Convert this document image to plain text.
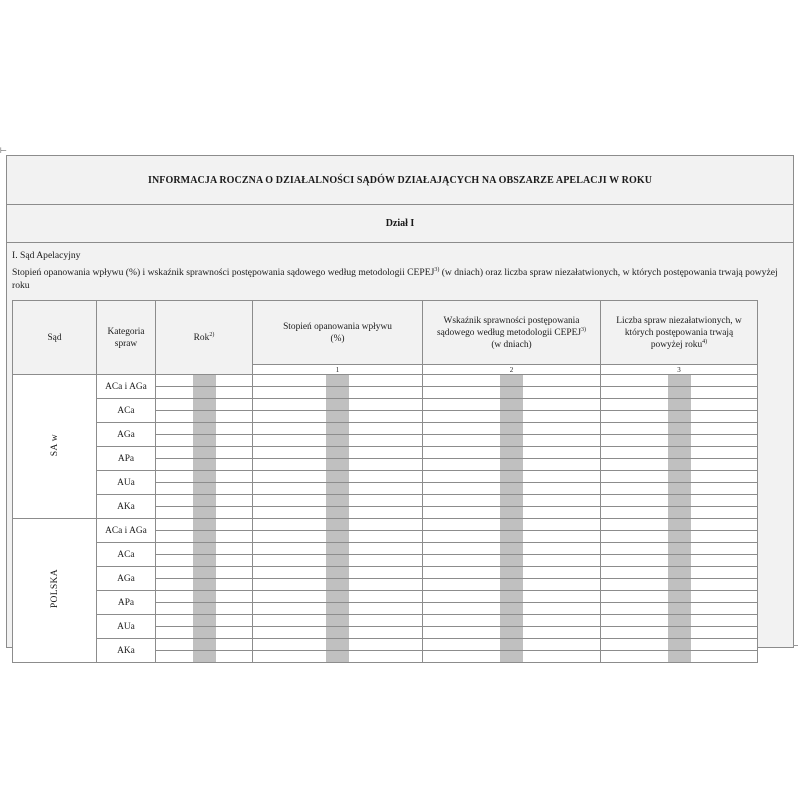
⊢
INFORMACJA ROCZNA O DZIAŁALNOŚCI SĄDÓW DZIAŁAJĄCYCH NA OBSZARZE APELACJI W ROKU
Dział I
I. Sąd Apelacyjny
Stopień opanowania wpływu (%) i wskaźnik sprawności postępowania sądowego według metodologii CEPEJ$^{3)}$ (w dniach) oraz liczba spraw niezałatwionych, w których postępowania trwają powyżej roku
Sąd	Kategoria spraw	Rok$^{2)}$	Stopień opanowania wpływu (%)	Wskaźnik sprawności postępowania sądowego według metodologii CEPEJ$^{3)}$ (w dniach)	Liczba spraw niezałatwionych, w których postępowania trwają powyżej roku$^{4)}$
			1	2	3
SA w	ACa i AGa	

	ACa	

	AGa	

	APa	

	AUa	

	AKa	

POLSKA	ACa i AGa	

	ACa	

	AGa	

	APa	

	AUa	

	AKa	
